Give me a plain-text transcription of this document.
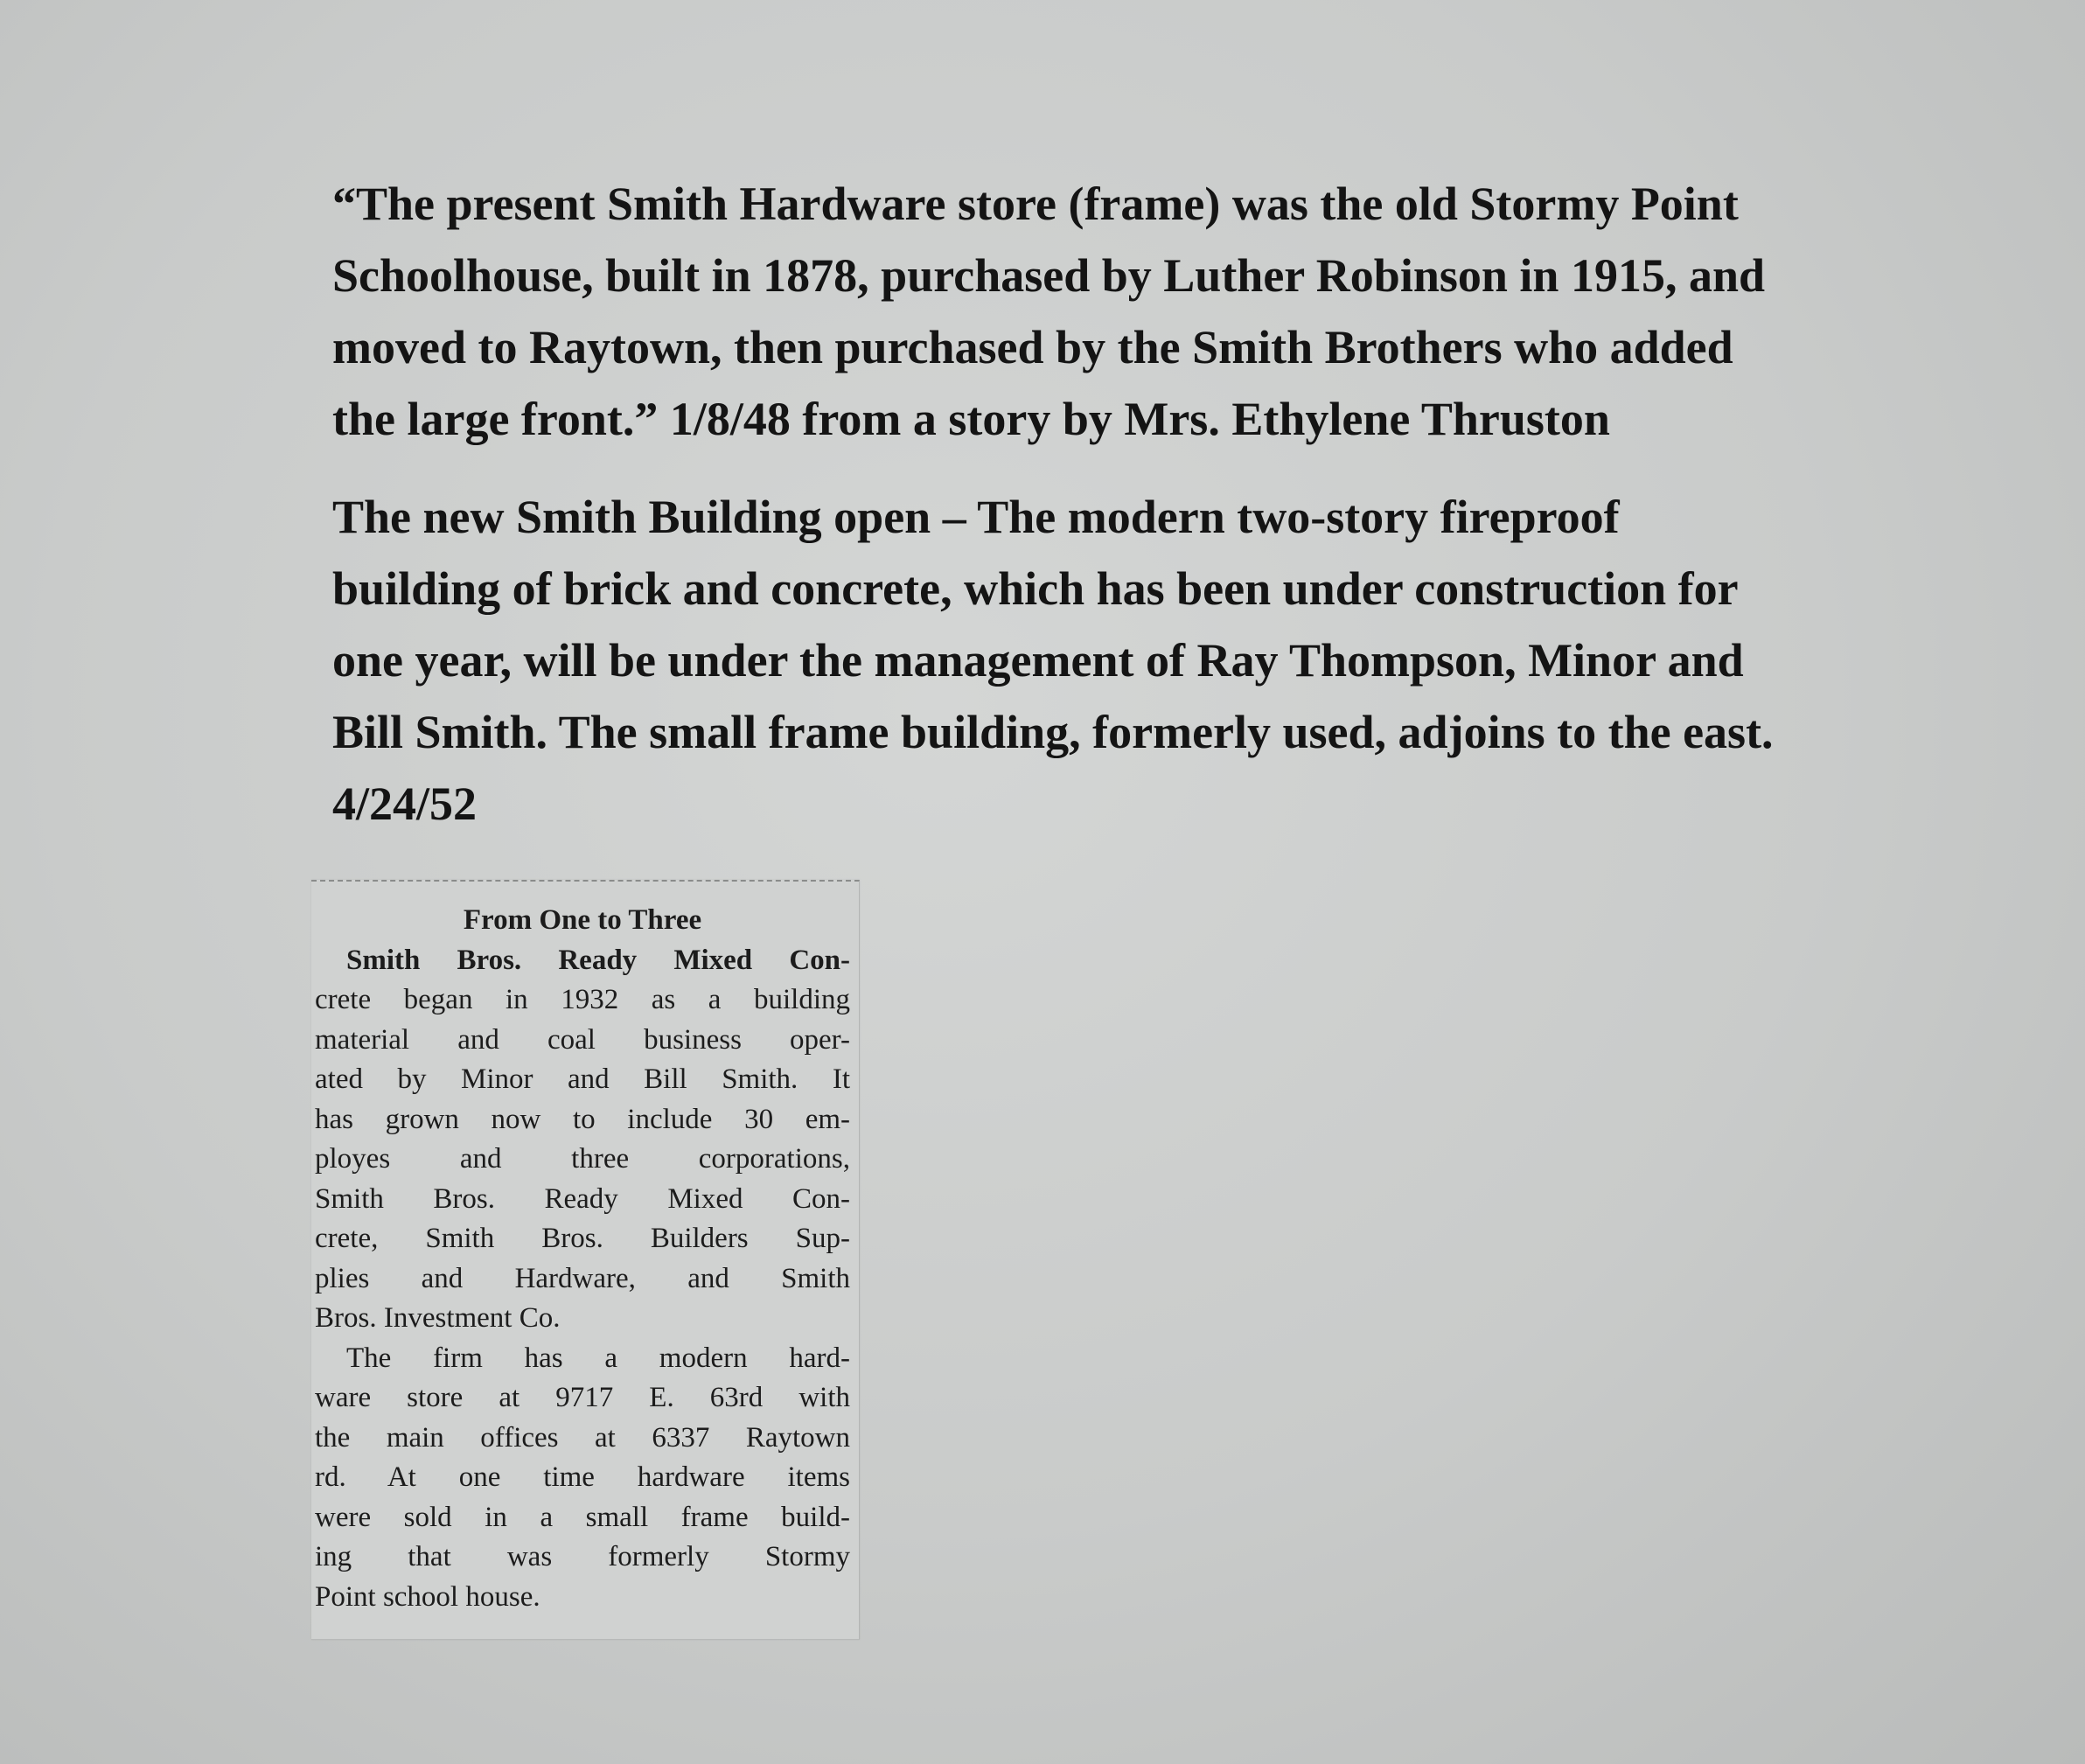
“The present Smith Hardware store (frame) was the old Stormy Point
Schoolhouse, built in 1878, purchased by Luther Robinson in 1915, and
moved to Raytown, then purchased by the Smith Brothers who added
the large front.” 1/8/48 from a story by Mrs. Ethylene Thruston
The new Smith Building open – The modern two-story fireproof
building of brick and concrete, which has been under construction for
one year, will be under the management of Ray Thompson, Minor and
Bill Smith. The small frame building, formerly used, adjoins to the east.
4/24/52
From One to Three
Smith Bros. Ready Mixed Con-
crete began in 1932 as a building
material and coal business oper-
ated by Minor and Bill Smith. It
has grown now to include 30 em-
ployes and three corporations,
Smith Bros. Ready Mixed Con-
crete, Smith Bros. Builders Sup-
plies and Hardware, and Smith
Bros. Investment Co.
The firm has a modern hard-
ware store at 9717 E. 63rd with
the main offices at 6337 Raytown
rd. At one time hardware items
were sold in a small frame build-
ing that was formerly Stormy
Point school house.
